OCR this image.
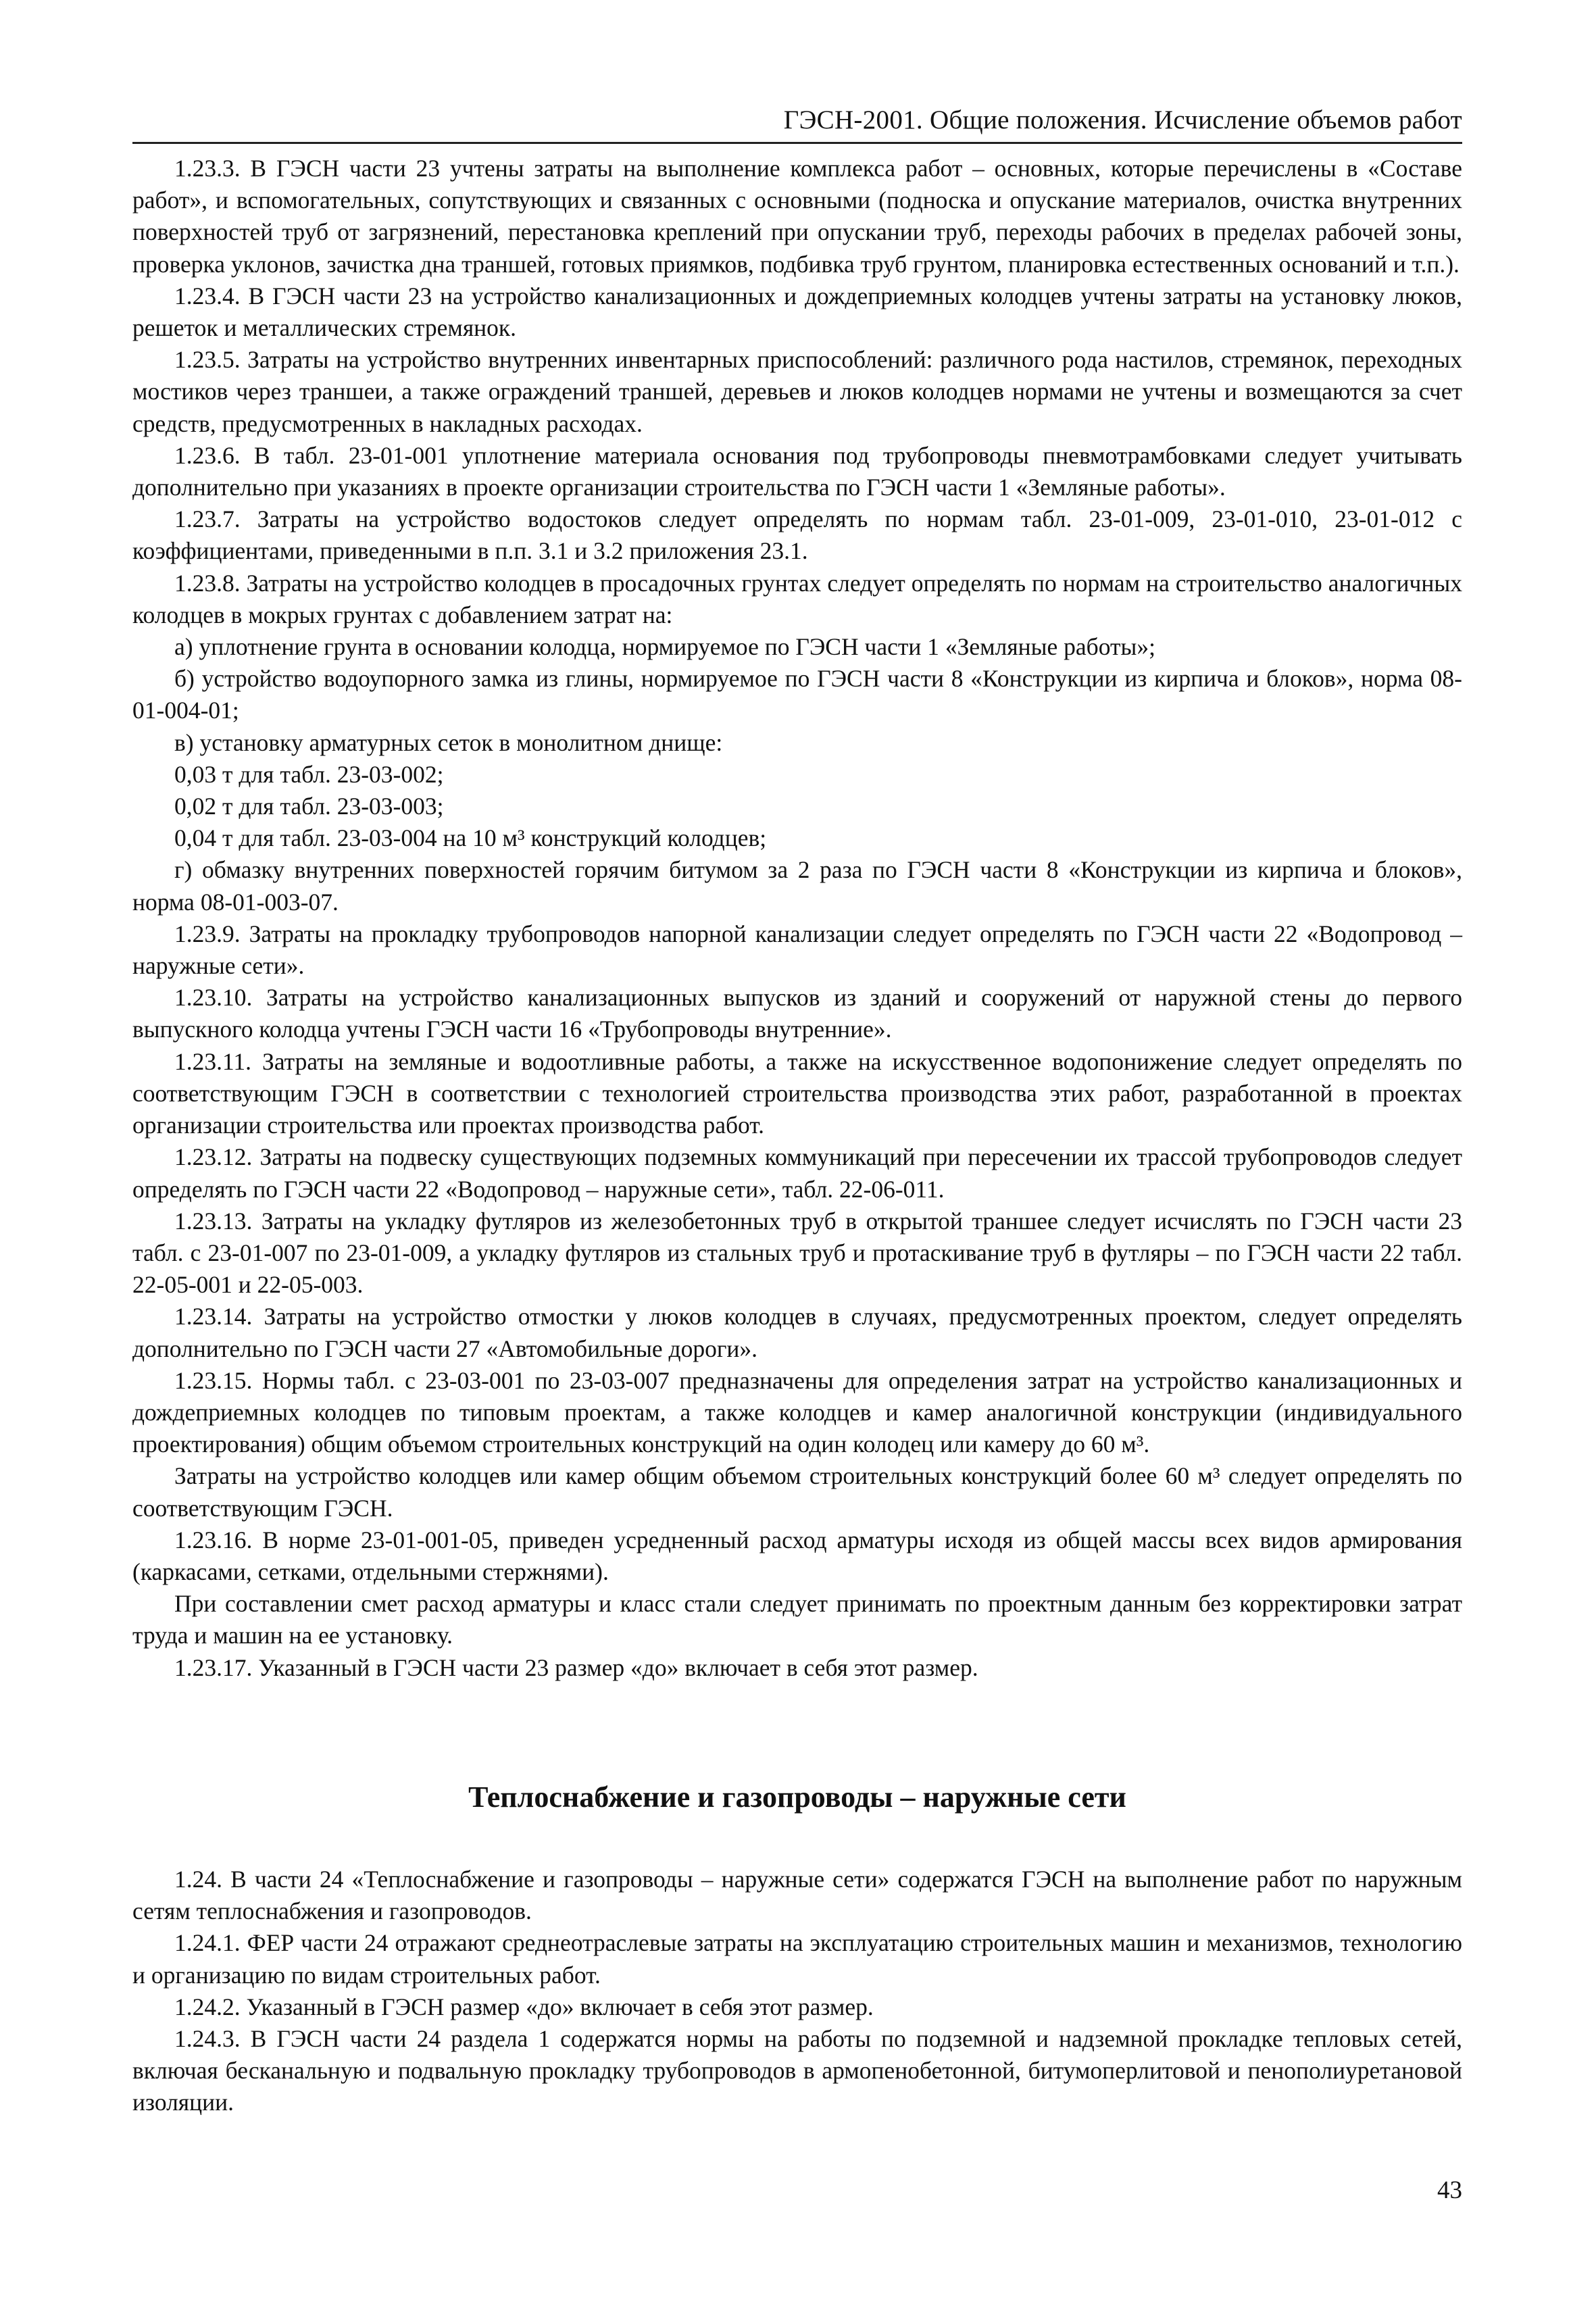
ГЭСН-2001. Общие положения. Исчисление объемов работ

1.23.3. В ГЭСН части 23 учтены затраты на выполнение комплекса работ – основных, которые перечислены в «Составе работ», и вспомогательных, сопутствующих и связанных с основными (подноска и опускание материалов, очистка внутренних поверхностей труб от загрязнений, перестановка креплений при опускании труб, переходы рабочих в пределах рабочей зоны, проверка уклонов, зачистка дна траншей, готовых приямков, подбивка труб грунтом, планировка естественных оснований и т.п.).

1.23.4. В ГЭСН части 23 на устройство канализационных и дождеприемных колодцев учтены затраты на установку люков, решеток и металлических стремянок.

1.23.5. Затраты на устройство внутренних инвентарных приспособлений: различного рода настилов, стремянок, переходных мостиков через траншеи, а также ограждений траншей, деревьев и люков колодцев нормами не учтены и возмещаются за счет средств, предусмотренных в накладных расходах.

1.23.6. В табл. 23-01-001 уплотнение материала основания под трубопроводы пневмотрамбовками следует учитывать дополнительно при указаниях в проекте организации строительства по ГЭСН части 1 «Земляные работы».

1.23.7. Затраты на устройство водостоков следует определять по нормам табл. 23-01-009, 23-01-010, 23-01-012 с коэффициентами, приведенными в п.п. 3.1 и 3.2 приложения 23.1.

1.23.8. Затраты на устройство колодцев в просадочных грунтах следует определять по нормам на строительство аналогичных колодцев в мокрых грунтах с добавлением затрат на:

а) уплотнение грунта в основании колодца, нормируемое по ГЭСН части 1 «Земляные работы»;

б) устройство водоупорного замка из глины, нормируемое по ГЭСН части 8 «Конструкции из кирпича и блоков», норма 08-01-004-01;

в) установку арматурных сеток в монолитном днище:

0,03 т для табл. 23-03-002;

0,02 т для табл. 23-03-003;

0,04 т для табл. 23-03-004 на 10 м³ конструкций колодцев;

г) обмазку внутренних поверхностей горячим битумом за 2 раза по ГЭСН части 8 «Конструкции из кирпича и блоков», норма 08-01-003-07.

1.23.9. Затраты на прокладку трубопроводов напорной канализации следует определять по ГЭСН части 22 «Водопровод – наружные сети».

1.23.10. Затраты на устройство канализационных выпусков из зданий и сооружений от наружной стены до первого выпускного колодца учтены ГЭСН части 16 «Трубопроводы внутренние».

1.23.11. Затраты на земляные и водоотливные работы, а также на искусственное водопонижение следует определять по соответствующим ГЭСН в соответствии с технологией строительства производства этих работ, разработанной в проектах организации строительства или проектах производства работ.

1.23.12. Затраты на подвеску существующих подземных коммуникаций при пересечении их трассой трубопроводов следует определять по ГЭСН части 22 «Водопровод – наружные сети», табл. 22-06-011.

1.23.13. Затраты на укладку футляров из железобетонных труб в открытой траншее следует исчислять по ГЭСН части 23 табл. с 23-01-007 по 23-01-009, а укладку футляров из стальных труб и протаскивание труб в футляры – по ГЭСН части 22 табл. 22-05-001 и 22-05-003.

1.23.14. Затраты на устройство отмостки у люков колодцев в случаях, предусмотренных проектом, следует определять дополнительно по ГЭСН части 27 «Автомобильные дороги».

1.23.15. Нормы табл. с 23-03-001 по 23-03-007 предназначены для определения затрат на устройство канализационных и дождеприемных колодцев по типовым проектам, а также колодцев и камер аналогичной конструкции (индивидуального проектирования) общим объемом строительных конструкций на один колодец или камеру до 60 м³.

Затраты на устройство колодцев или камер общим объемом строительных конструкций более 60 м³ следует определять по соответствующим ГЭСН.

1.23.16. В норме 23-01-001-05, приведен усредненный расход арматуры исходя из общей массы всех видов армирования (каркасами, сетками, отдельными стержнями).

При составлении смет расход арматуры и класс стали следует принимать по проектным данным без корректировки затрат труда и машин на ее установку.

1.23.17. Указанный в ГЭСН части 23 размер «до» включает в себя этот размер.

Теплоснабжение и газопроводы – наружные сети

1.24. В части 24 «Теплоснабжение и газопроводы – наружные сети» содержатся ГЭСН на выполнение работ по наружным сетям теплоснабжения и газопроводов.

1.24.1. ФЕР части 24 отражают среднеотраслевые затраты на эксплуатацию строительных машин и механизмов, технологию и организацию по видам строительных работ.

1.24.2. Указанный в ГЭСН размер «до» включает в себя этот размер.

1.24.3. В ГЭСН части 24 раздела 1 содержатся нормы на работы по подземной и надземной прокладке тепловых сетей, включая бесканальную и подвальную прокладку трубопроводов в армопенобетонной, битумоперлитовой и пенополиуретановой изоляции.

43
